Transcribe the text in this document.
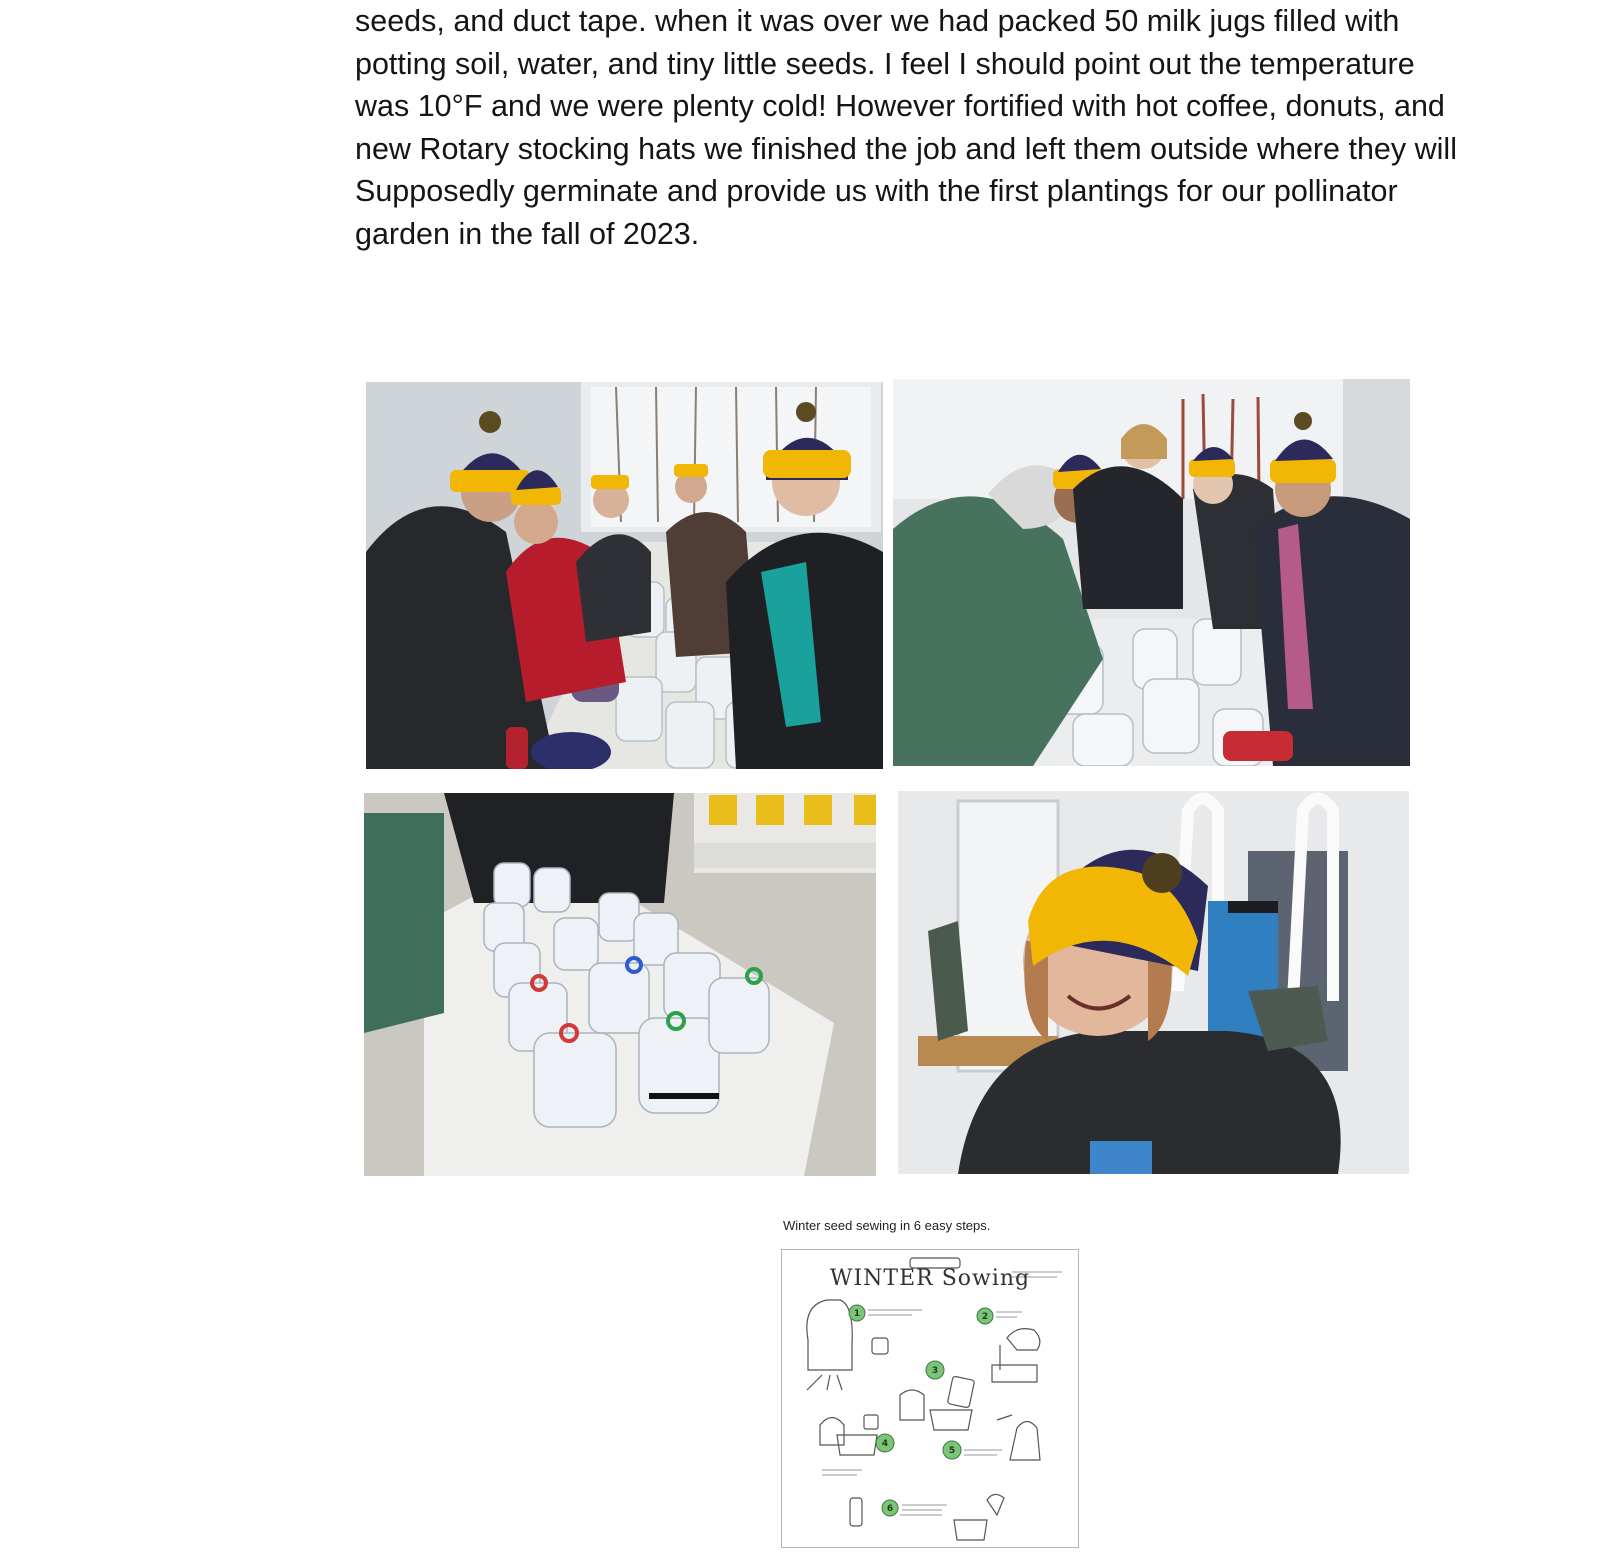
seeds, and duct tape. when it was over we had packed 50 milk jugs filled with
potting soil, water, and tiny little seeds. I feel I should point out the temperature
was 10°F and we were plenty cold! However fortified with hot coffee, donuts, and
new Rotary stocking hats we finished the job and left them outside where they will
Supposedly germinate and provide us with the first plantings for our pollinator
garden in the fall of 2023.
Winter seed sewing in 6 easy steps.
WINTER Sowing
1	2
3
4
5
6
